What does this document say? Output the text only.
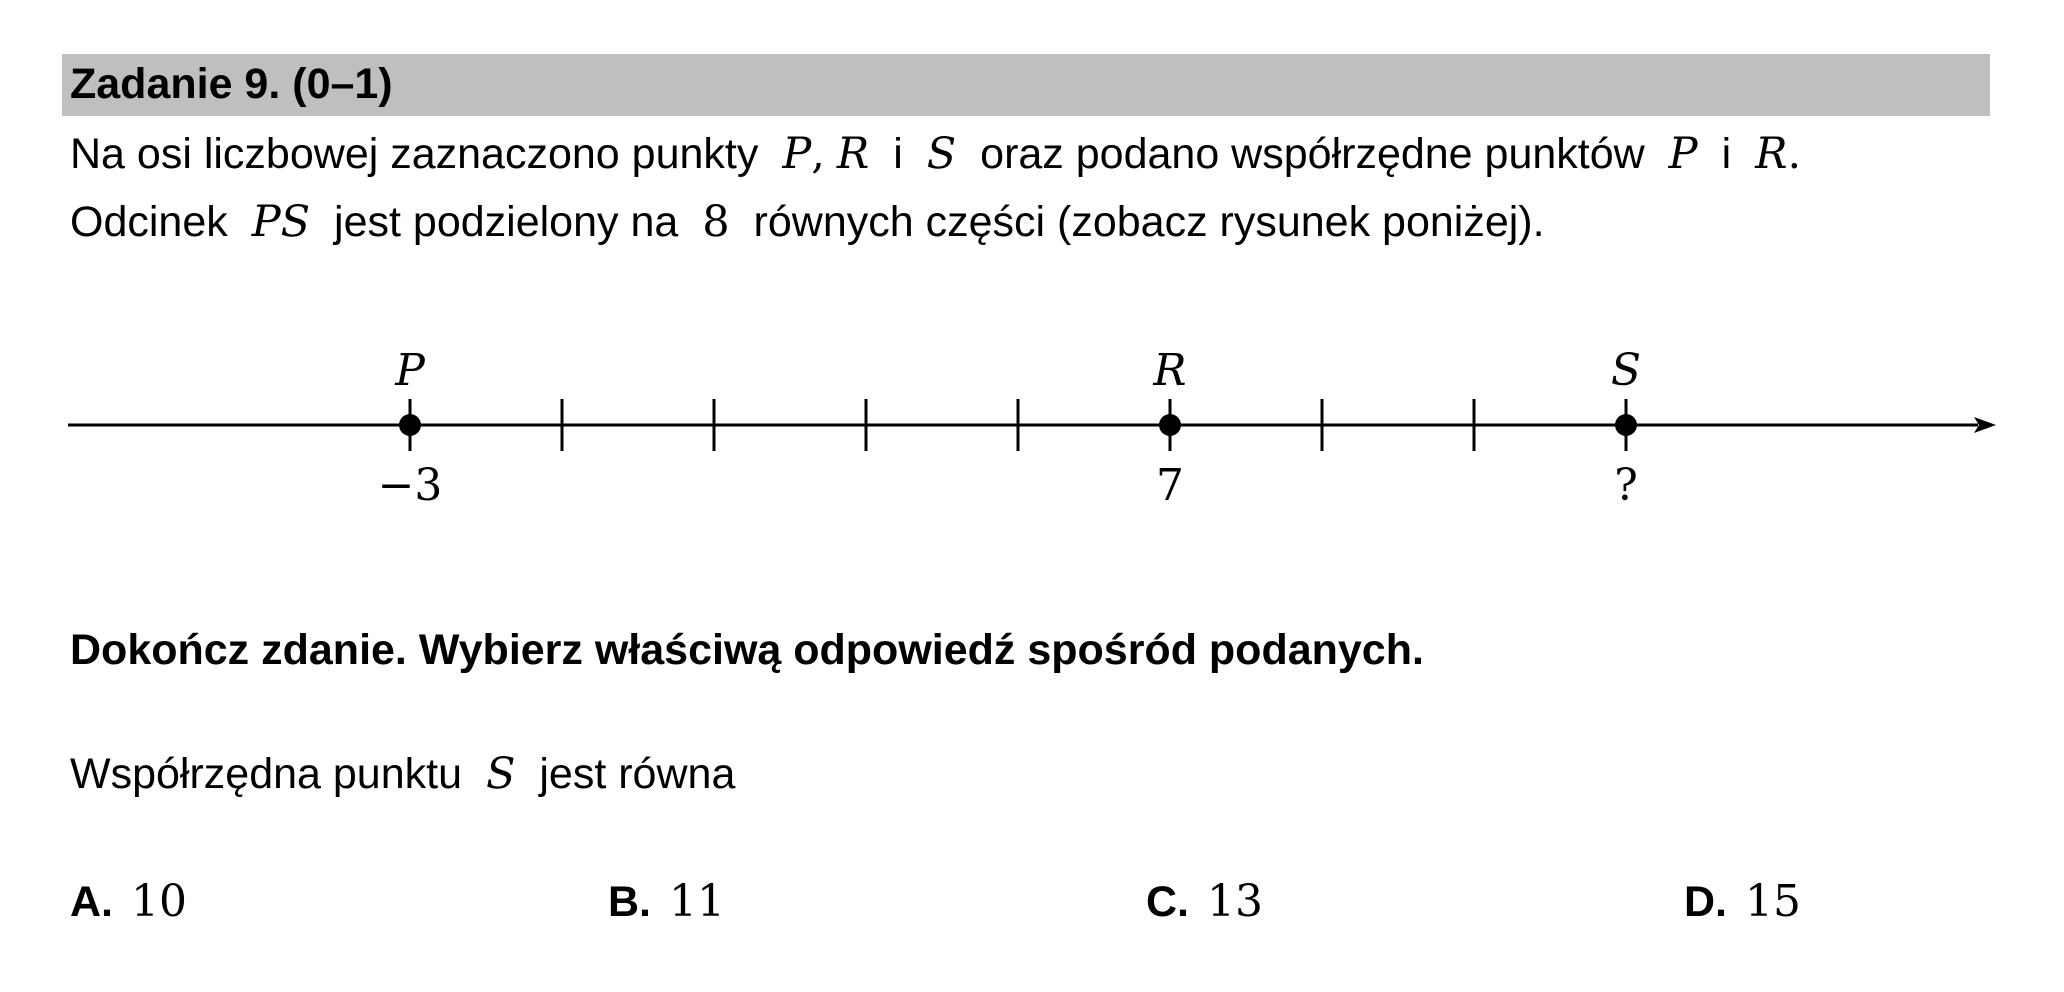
Zadanie 9. (0–1)
Na osi liczbowej zaznaczono punkty P, R i S oraz podano współrzędne punktów P i R.
Odcinek PS jest podzielony na 8 równych części (zobacz rysunek poniżej).
P
−3
R
7
S
?
Dokończ zdanie. Wybierz właściwą odpowiedź spośród podanych.
Współrzędna punktu S jest równa
A. 10	B. 11	C. 13	D. 15
